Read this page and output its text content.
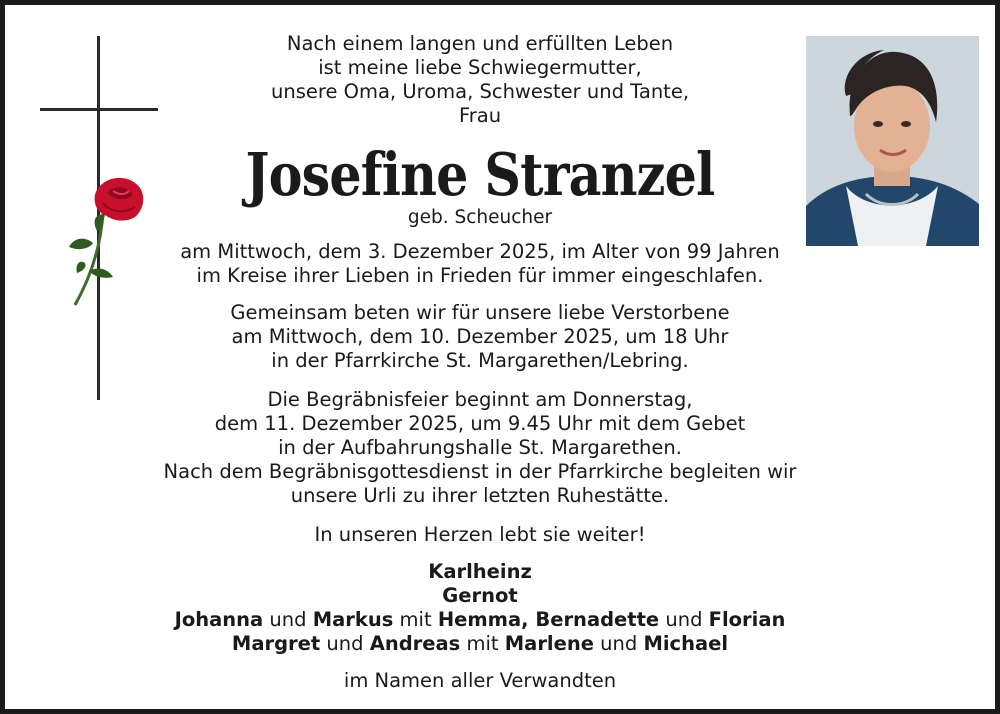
Nach einem langen und erfüllten Leben
ist meine liebe Schwiegermutter,
unsere Oma, Uroma, Schwester und Tante,
Frau
Josefine Stranzel
geb. Scheucher
am Mittwoch, dem 3. Dezember 2025, im Alter von 99 Jahren
im Kreise ihrer Lieben in Frieden für immer eingeschlafen.
Gemeinsam beten wir für unsere liebe Verstorbene
am Mittwoch, dem 10. Dezember 2025, um 18 Uhr
in der Pfarrkirche St. Margarethen/Lebring.
Die Begräbnisfeier beginnt am Donnerstag,
dem 11. Dezember 2025, um 9.45 Uhr mit dem Gebet
in der Aufbahrungshalle St. Margarethen.
Nach dem Begräbnisgottesdienst in der Pfarrkirche begleiten wir
unsere Urli zu ihrer letzten Ruhestätte.
In unseren Herzen lebt sie weiter!
Karlheinz
Gernot
Johanna und Markus mit Hemma, Bernadette und Florian
Margret und Andreas mit Marlene und Michael
im Namen aller Verwandten
